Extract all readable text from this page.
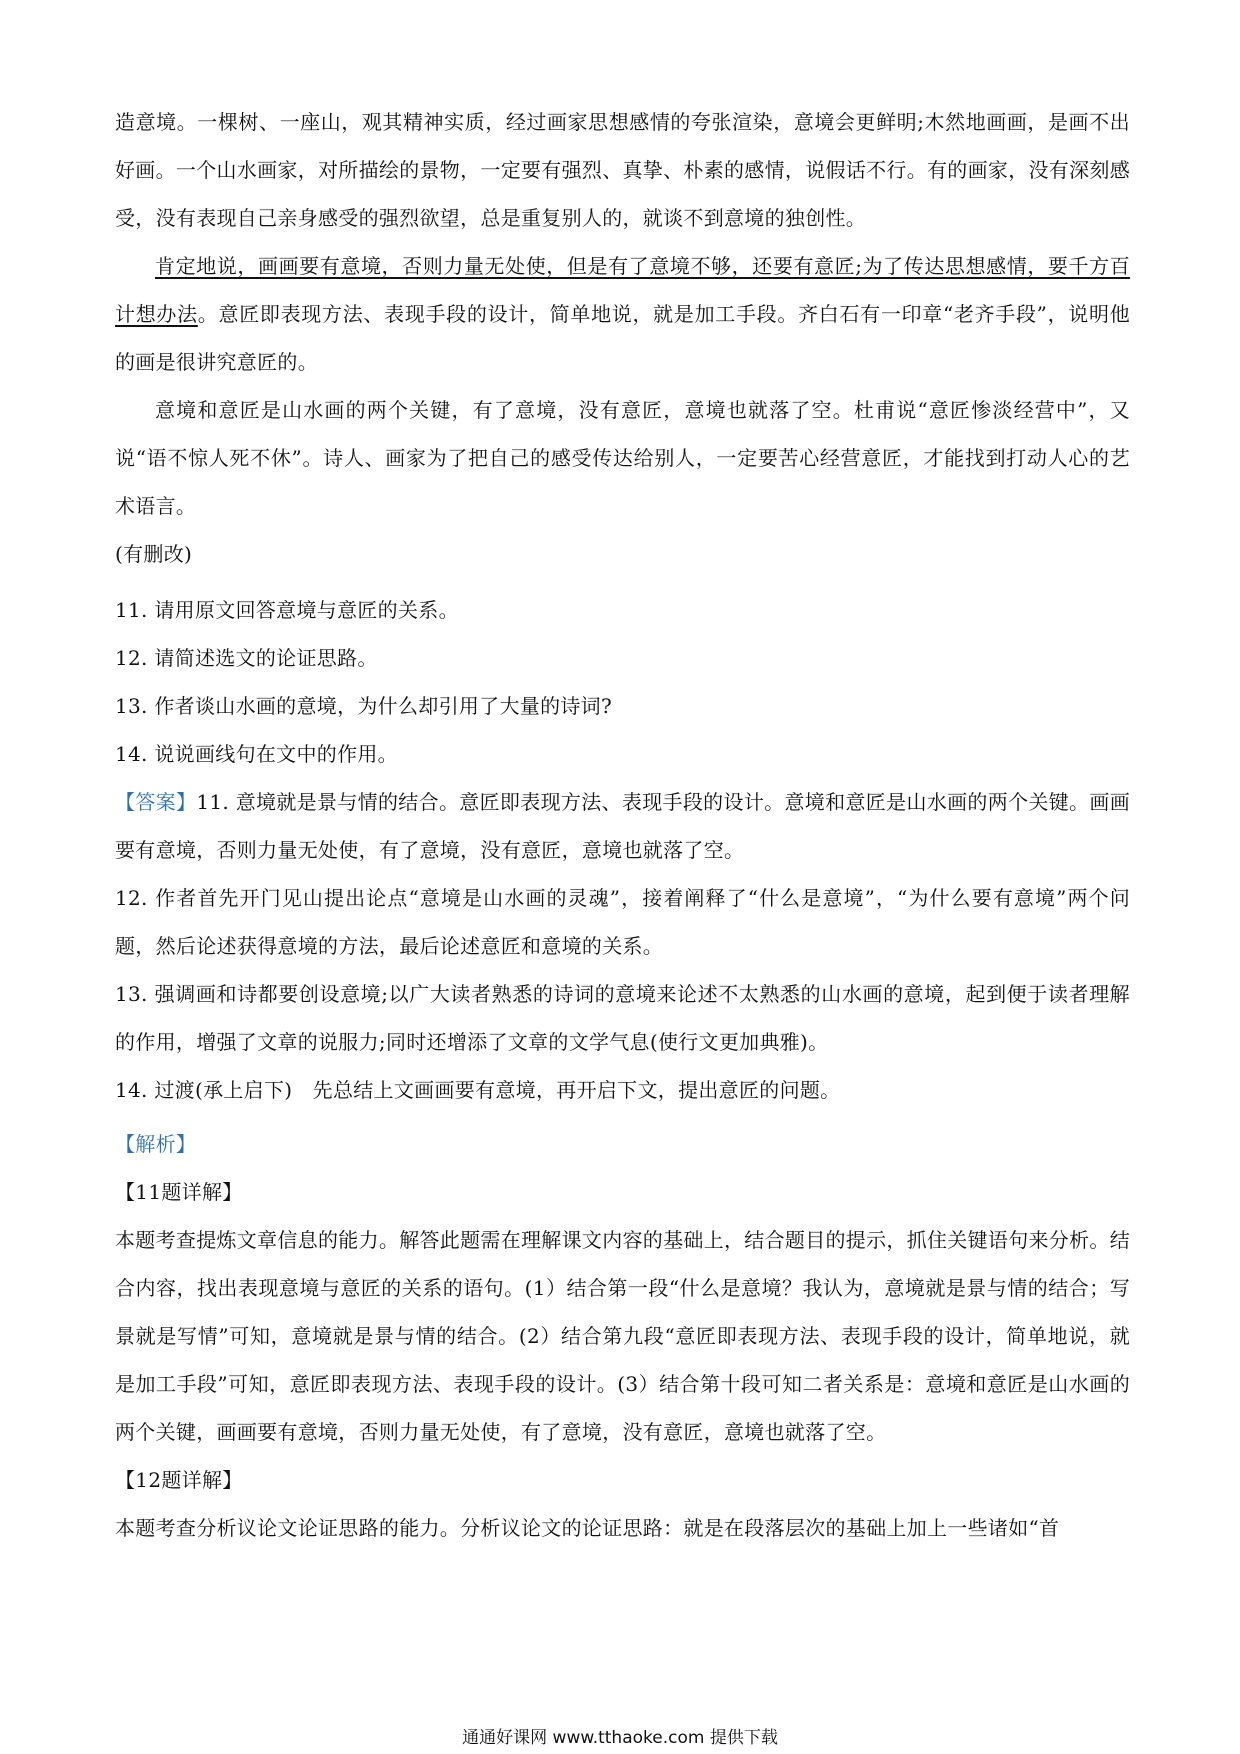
造意境。一棵树、一座山，观其精神实质，经过画家思想感情的夸张渲染，意境会更鲜明;木然地画画，是画不出好画。一个山水画家，对所描绘的景物，一定要有强烈、真挚、朴素的感情，说假话不行。有的画家，没有深刻感受，没有表现自己亲身感受的强烈欲望，总是重复别人的，就谈不到意境的独创性。

肯定地说，画画要有意境，否则力量无处使，但是有了意境不够，还要有意匠;为了传达思想感情，要千方百计想办法。意匠即表现方法、表现手段的设计，简单地说，就是加工手段。齐白石有一印章“老齐手段”，说明他的画是很讲究意匠的。

意境和意匠是山水画的两个关键，有了意境，没有意匠，意境也就落了空。杜甫说“意匠惨淡经营中”，又说“语不惊人死不休”。诗人、画家为了把自己的感受传达给别人，一定要苦心经营意匠，才能找到打动人心的艺术语言。

(有删改)

11. 请用原文回答意境与意匠的关系。

12. 请简述选文的论证思路。

13. 作者谈山水画的意境，为什么却引用了大量的诗词?

14. 说说画线句在文中的作用。

【答案】11. 意境就是景与情的结合。意匠即表现方法、表现手段的设计。意境和意匠是山水画的两个关键。画画要有意境，否则力量无处使，有了意境，没有意匠，意境也就落了空。

12. 作者首先开门见山提出论点“意境是山水画的灵魂”，接着阐释了“什么是意境”，“为什么要有意境”两个问题，然后论述获得意境的方法，最后论述意匠和意境的关系。

13. 强调画和诗都要创设意境;以广大读者熟悉的诗词的意境来论述不太熟悉的山水画的意境，起到便于读者理解的作用，增强了文章的说服力;同时还增添了文章的文学气息(使行文更加典雅)。

14. 过渡(承上启下)　先总结上文画画要有意境，再开启下文，提出意匠的问题。

【解析】

【11题详解】

本题考查提炼文章信息的能力。解答此题需在理解课文内容的基础上，结合题目的提示，抓住关键语句来分析。结合内容，找出表现意境与意匠的关系的语句。(1）结合第一段“什么是意境？我认为，意境就是景与情的结合；写景就是写情”可知，意境就是景与情的结合。(2）结合第九段“意匠即表现方法、表现手段的设计，简单地说，就是加工手段”可知，意匠即表现方法、表现手段的设计。(3）结合第十段可知二者关系是：意境和意匠是山水画的两个关键，画画要有意境，否则力量无处使，有了意境，没有意匠，意境也就落了空。

【12题详解】

本题考查分析议论文论证思路的能力。分析议论文的论证思路：就是在段落层次的基础上加上一些诸如“首

通通好课网 www.tthaoke.com 提供下载
